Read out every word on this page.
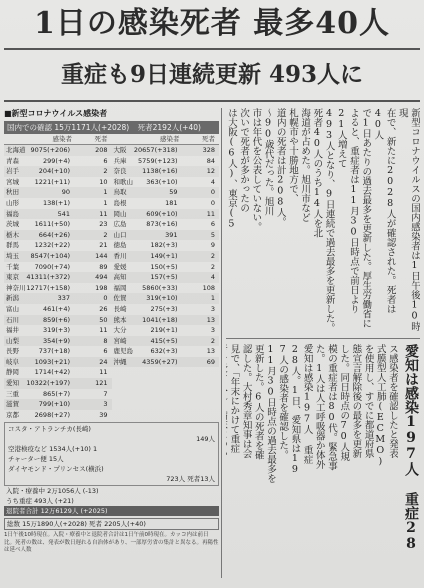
1日の感染死者 最多40人
重症も9日連続更新 493人に
■新型コロナウイルス感染者
国内での確認 15万1171人(+2028) 死者2192人(+40)
感染者	死者	感染者	死者
北海道 9075(+206)	208
青森	299(+4)	6
岩手	204(+10)	2
宮城	1221(+11)	10
秋田	90	1
山形	138(+1)	1
福島	541	11
茨城	1611(+50)	23
栃木	664(+26)	2
群馬	1232(+22)	21
埼玉	8547(+104)	144
千葉	7090(+74)	89
東京	41311(+372)	494
神奈川 12717(+158)	198
新潟	337	0
富山	461(+4)	26
石川	859(+6)	50
福井	319(+3)	11
山梨	354(+9)	8
長野	737(+18)	6
岐阜	1093(+21)	24
静岡	1714(+42)	11
愛知	10322(+197)	121
三重	865(+7)	7
滋賀	799(+10)	3
京都	2698(+27)	39
大阪	20657(+318)	328
兵庫	5759(+123)	84
奈良	1138(+16)	12
和歌山	363(+10)	4
鳥取	59	0
島根	181	0
岡山	609(+10)	11
広島	873(+16)	6
山口	391	5
徳島	182(+3)	9
香川	149(+1)	2
愛媛	150(+5)	2
高知	157(+5)	4
福岡	5860(+33)	108
佐賀	319(+10)	1
長崎	275(+3)	3
熊本	1041(+18)	13
大分	219(+1)	3
宮崎	415(+5)	2
鹿児島	632(+3)	13
沖縄	4359(+27)	69
コスタ・アトランチカ(長崎)
149人
空港検疫など 1534人(+10) 1
チャーター便 15人
ダイヤモンド・プリンセス(横浜)
723人 死者13人
入院・療養中 2万1056人 (-13)
うち重症 493人 (+21)
退院者合計 12万6129人 (+2025)
総数 15万1890人(+2028) 死者 2205人(+40)
1日午後10時現在。入院・療養中と退院者合計は1日午前0時現在。カッコ内は前日比。死者の数は、発表が数日遅れる自治体があり、一部厚労省の集計と異なる。再陽性は延べ人数
新型コロナウイルスの国内感染者は1日午後10時現
在で、新たに2028人が確認された。死者は40人
で1日あたりの過去最多を更新した。厚生労働省に
よると、重症者は11月30日時点で前日より21人増えて
493人となり、9日連続で過去最多を更新した。
死者40人のうち14人を北
海道が占めた。旭川市など
札幌市や十勝地方で、
道内の死者は計208人。
～90歳代だった。旭川
市は年代を公表していない。
次いで死者が多かったの
は大阪(6人)、東京(5
愛知は感染197人 重症28
ス感染者を確認したと発表
式膜型人工肺(ECMO)
を使用し、すでに都道府県
態宣言解除後の最多を更新
した。同日時点の70人規
模の重症者は80代。緊急事
た。1人は人工呼吸器か体外
愛知は感染197人 重症
28人。1日、愛知県は19
7人の感染者を確認した。
11月30日時点の過去最多を
更新した。6人の死者を確
認した。大村秀章知事は会
見で、「年末にかけて重症
